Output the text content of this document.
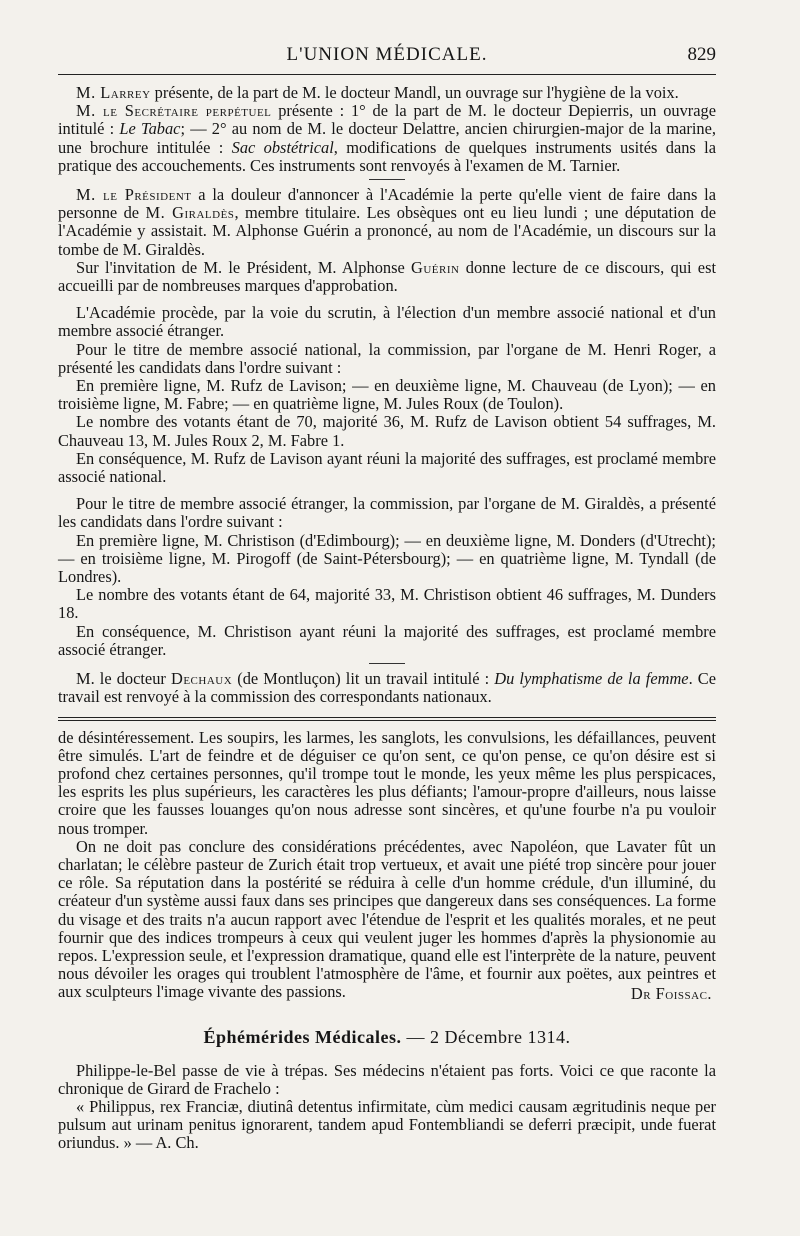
L'UNION MÉDICALE.	829

M. Larrey présente, de la part de M. le docteur Mandl, un ouvrage sur l'hygiène de la voix.

M. le Secrétaire perpétuel présente : 1° de la part de M. le docteur Depierris, un ouvrage intitulé : Le Tabac; — 2° au nom de M. le docteur Delattre, ancien chirurgien-major de la marine, une brochure intitulée : Sac obstétrical, modifications de quelques instruments usités dans la pratique des accouchements. Ces instruments sont renvoyés à l'examen de M. Tarnier.

M. le Président a la douleur d'annoncer à l'Académie la perte qu'elle vient de faire dans la personne de M. Giraldès, membre titulaire. Les obsèques ont eu lieu lundi ; une députation de l'Académie y assistait. M. Alphonse Guérin a prononcé, au nom de l'Académie, un discours sur la tombe de M. Giraldès.

Sur l'invitation de M. le Président, M. Alphonse Guérin donne lecture de ce discours, qui est accueilli par de nombreuses marques d'approbation.

L'Académie procède, par la voie du scrutin, à l'élection d'un membre associé national et d'un membre associé étranger.

Pour le titre de membre associé national, la commission, par l'organe de M. Henri Roger, a présenté les candidats dans l'ordre suivant :

En première ligne, M. Rufz de Lavison; — en deuxième ligne, M. Chauveau (de Lyon); — en troisième ligne, M. Fabre; — en quatrième ligne, M. Jules Roux (de Toulon).

Le nombre des votants étant de 70, majorité 36, M. Rufz de Lavison obtient 54 suffrages, M. Chauveau 13, M. Jules Roux 2, M. Fabre 1.

En conséquence, M. Rufz de Lavison ayant réuni la majorité des suffrages, est proclamé membre associé national.

Pour le titre de membre associé étranger, la commission, par l'organe de M. Giraldès, a présenté les candidats dans l'ordre suivant :

En première ligne, M. Christison (d'Edimbourg); — en deuxième ligne, M. Donders (d'Utrecht); — en troisième ligne, M. Pirogoff (de Saint-Pétersbourg); — en quatrième ligne, M. Tyndall (de Londres).

Le nombre des votants étant de 64, majorité 33, M. Christison obtient 46 suffrages, M. Dunders 18.

En conséquence, M. Christison ayant réuni la majorité des suffrages, est proclamé membre associé étranger.

M. le docteur Dechaux (de Montluçon) lit un travail intitulé : Du lymphatisme de la femme. Ce travail est renvoyé à la commission des correspondants nationaux.

de désintéressement. Les soupirs, les larmes, les sanglots, les convulsions, les défaillances, peuvent être simulés. L'art de feindre et de déguiser ce qu'on sent, ce qu'on pense, ce qu'on désire est si profond chez certaines personnes, qu'il trompe tout le monde, les yeux même les plus perspicaces, les esprits les plus supérieurs, les caractères les plus défiants; l'amour-propre d'ailleurs, nous laisse croire que les fausses louanges qu'on nous adresse sont sincères, et qu'une fourbe n'a pu vouloir nous tromper.

On ne doit pas conclure des considérations précédentes, avec Napoléon, que Lavater fût un charlatan; le célèbre pasteur de Zurich était trop vertueux, et avait une piété trop sincère pour jouer ce rôle. Sa réputation dans la postérité se réduira à celle d'un homme crédule, d'un illuminé, du créateur d'un système aussi faux dans ses principes que dangereux dans ses conséquences. La forme du visage et des traits n'a aucun rapport avec l'étendue de l'esprit et les qualités morales, et ne peut fournir que des indices trompeurs à ceux qui veulent juger les hommes d'après la physionomie au repos. L'expression seule, et l'expression dramatique, quand elle est l'interprète de la nature, peuvent nous dévoiler les orages qui troublent l'atmosphère de l'âme, et fournir aux poëtes, aux peintres et aux sculpteurs l'image vivante des passions.	Dr Foissac.
Éphémérides Médicales. — 2 Décembre 1314.

Philippe-le-Bel passe de vie à trépas. Ses médecins n'étaient pas forts. Voici ce que raconte la chronique de Girard de Frachelo :

« Philippus, rex Franciæ, diutinâ detentus infirmitate, cùm medici causam ægritudinis neque per pulsum aut urinam penitus ignorarent, tandem apud Fontembliandi se deferri præcipit, unde fuerat oriundus. » — A. Ch.
